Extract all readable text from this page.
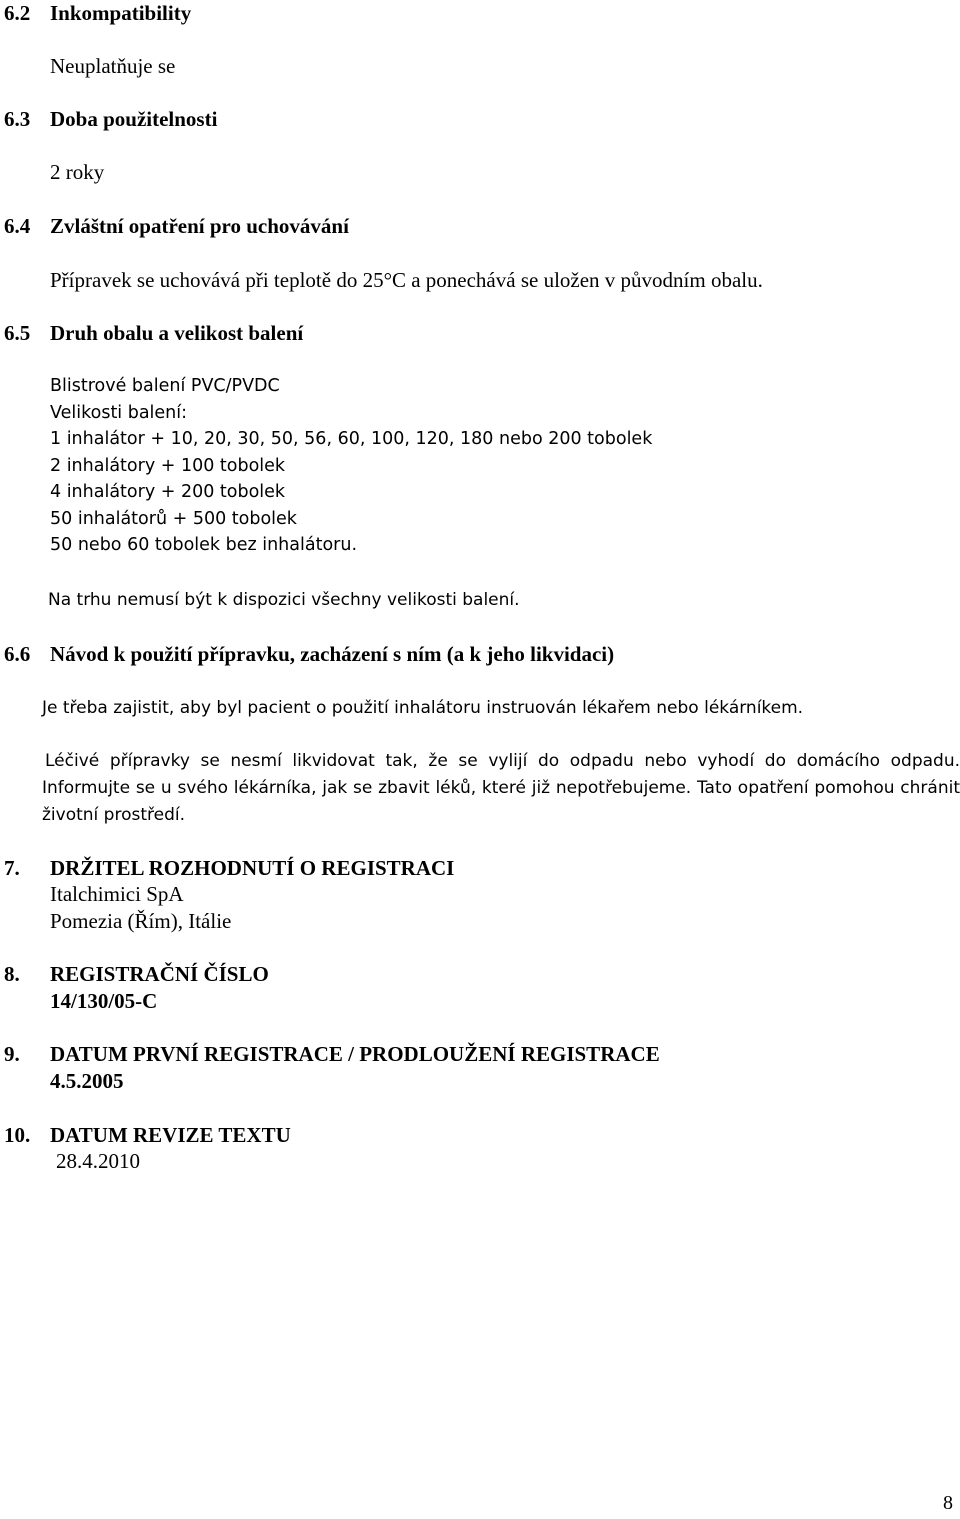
6.2 Inkompatibility
Neuplatňuje se
6.3 Doba použitelnosti
2 roky
6.4 Zvláštní opatření pro uchovávání
Přípravek se uchovává při teplotě do 25°C a ponechává se uložen v původním obalu.
6.5 Druh obalu a velikost balení
Blistrové balení PVC/PVDC
Velikosti balení:
1 inhalátor + 10, 20, 30, 50, 56, 60, 100, 120, 180 nebo 200 tobolek
2 inhalátory + 100 tobolek
4 inhalátory + 200 tobolek
50 inhalátorů + 500 tobolek
50 nebo 60 tobolek bez inhalátoru.
Na trhu nemusí být k dispozici všechny velikosti balení.
6.6 Návod k použití přípravku, zacházení s ním (a k jeho likvidaci)
Je třeba zajistit, aby byl pacient o použití inhalátoru instruován lékařem nebo lékárníkem.
Léčivé přípravky se nesmí likvidovat tak, že se vylijí do odpadu nebo vyhodí do domácího odpadu. Informujte se u svého lékárníka, jak se zbavit léků, které již nepotřebujeme. Tato opatření pomohou chránit životní prostředí.
7. DRŽITEL ROZHODNUTÍ O REGISTRACI
Italchimici SpA
Pomezia (Řím), Itálie
8. REGISTRAČNÍ ČÍSLO
14/130/05-C
9. DATUM PRVNÍ REGISTRACE / PRODLOUŽENÍ REGISTRACE
4.5.2005
10. DATUM REVIZE TEXTU
28.4.2010
8
